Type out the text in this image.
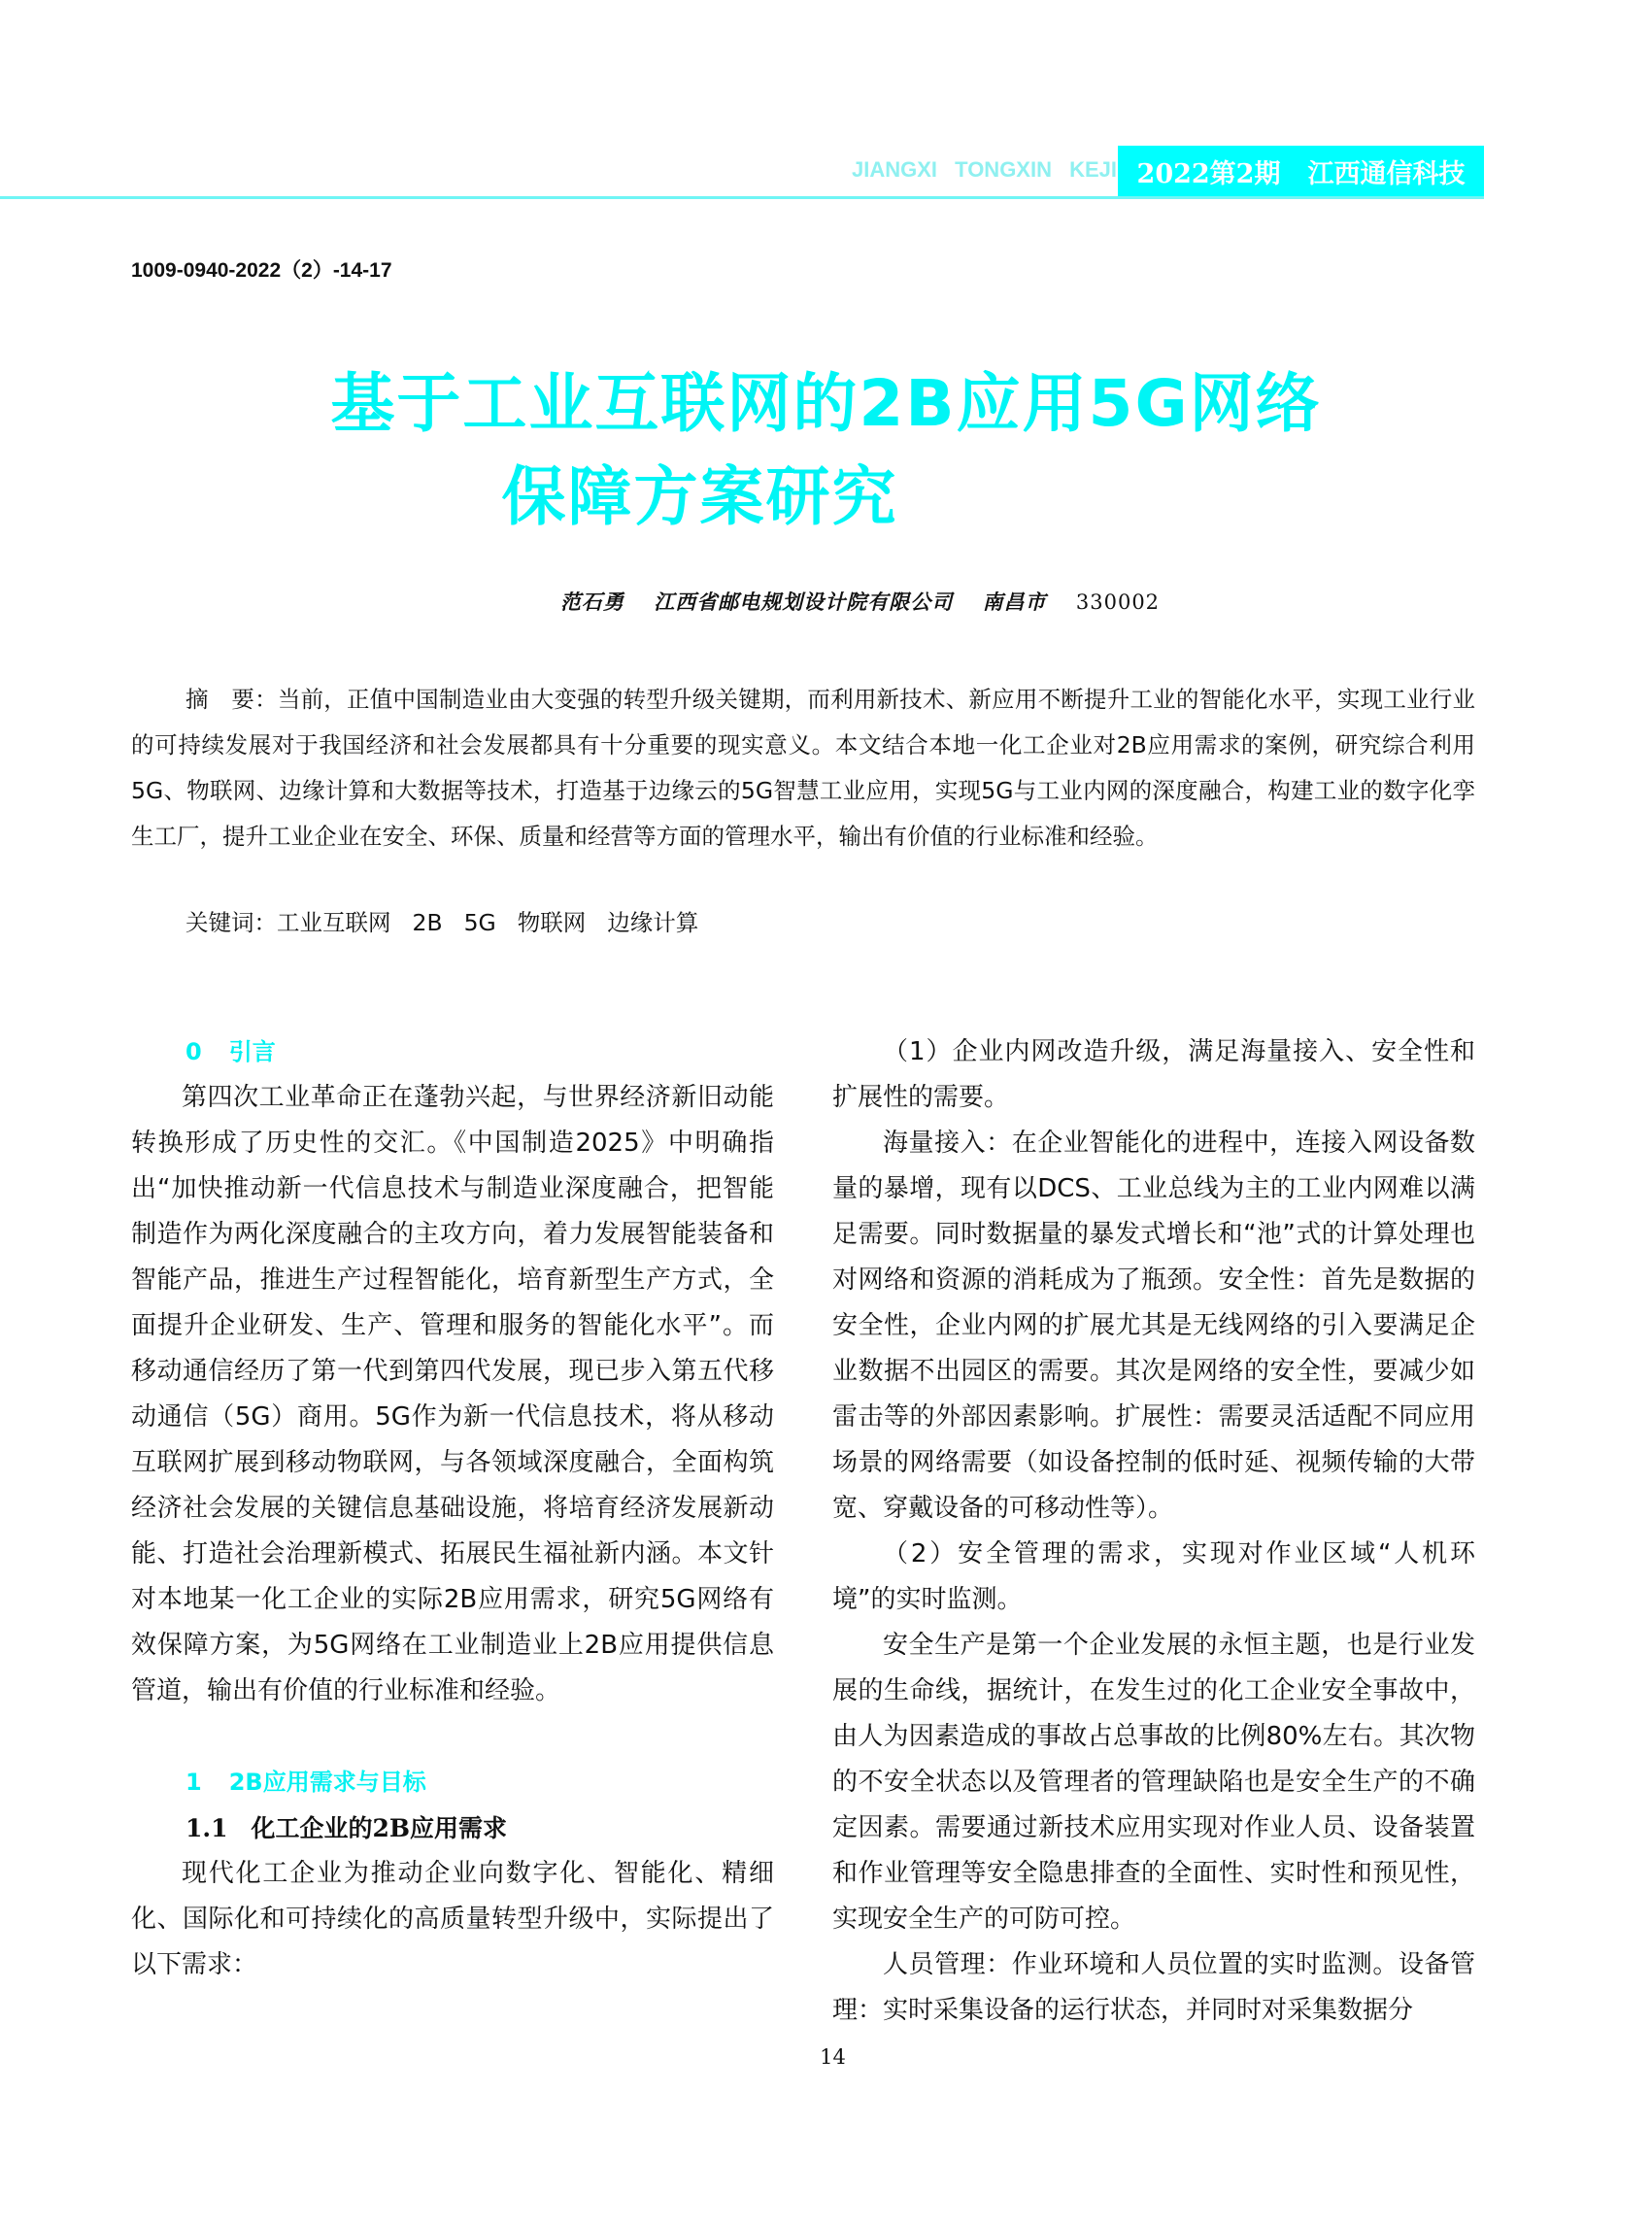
JIANGXI TONGXIN KEJI 2022第2期 江西通信科技
1009-0940-2022（2）-14-17
基于工业互联网的2B应用5G网络
保障方案研究
范石勇 江西省邮电规划设计院有限公司 南昌市 330002
摘　要：当前，正值中国制造业由大变强的转型升级关键期，而利用新技术、新应用不断提升工业的智能化水平，实现工业行业的可持续发展对于我国经济和社会发展都具有十分重要的现实意义。本文结合本地一化工企业对2B应用需求的案例，研究综合利用5G、物联网、边缘计算和大数据等技术，打造基于边缘云的5G智慧工业应用，实现5G与工业内网的深度融合，构建工业的数字化孪生工厂，提升工业企业在安全、环保、质量和经营等方面的管理水平，输出有价值的行业标准和经验。
关键词：工业互联网 2B 5G 物联网 边缘计算
0 引言

第四次工业革命正在蓬勃兴起，与世界经济新旧动能转换形成了历史性的交汇。《中国制造2025》中明确指出“加快推动新一代信息技术与制造业深度融合，把智能制造作为两化深度融合的主攻方向，着力发展智能装备和智能产品，推进生产过程智能化，培育新型生产方式，全面提升企业研发、生产、管理和服务的智能化水平”。而移动通信经历了第一代到第四代发展，现已步入第五代移动通信（5G）商用。5G作为新一代信息技术，将从移动互联网扩展到移动物联网，与各领域深度融合，全面构筑经济社会发展的关键信息基础设施，将培育经济发展新动能、打造社会治理新模式、拓展民生福祉新内涵。本文针对本地某一化工企业的实际2B应用需求，研究5G网络有效保障方案，为5G网络在工业制造业上2B应用提供信息管道，输出有价值的行业标准和经验。

1 2B应用需求与目标
1.1 化工企业的2B应用需求

现代化工企业为推动企业向数字化、智能化、精细化、国际化和可持续化的高质量转型升级中，实际提出了以下需求：

（1）企业内网改造升级，满足海量接入、安全性和扩展性的需要。

海量接入：在企业智能化的进程中，连接入网设备数量的暴增，现有以DCS、工业总线为主的工业内网难以满足需要。同时数据量的暴发式增长和“池”式的计算处理也对网络和资源的消耗成为了瓶颈。安全性：首先是数据的安全性，企业内网的扩展尤其是无线网络的引入要满足企业数据不出园区的需要。其次是网络的安全性，要减少如雷击等的外部因素影响。扩展性：需要灵活适配不同应用场景的网络需要（如设备控制的低时延、视频传输的大带宽、穿戴设备的可移动性等）。

（2）安全管理的需求，实现对作业区域“人机环境”的实时监测。

安全生产是第一个企业发展的永恒主题，也是行业发展的生命线，据统计，在发生过的化工企业安全事故中，由人为因素造成的事故占总事故的比例80%左右。其次物的不安全状态以及管理者的管理缺陷也是安全生产的不确定因素。需要通过新技术应用实现对作业人员、设备装置和作业管理等安全隐患排查的全面性、实时性和预见性，实现安全生产的可防可控。

人员管理：作业环境和人员位置的实时监测。设备管理：实时采集设备的运行状态，并同时对采集数据分

14
